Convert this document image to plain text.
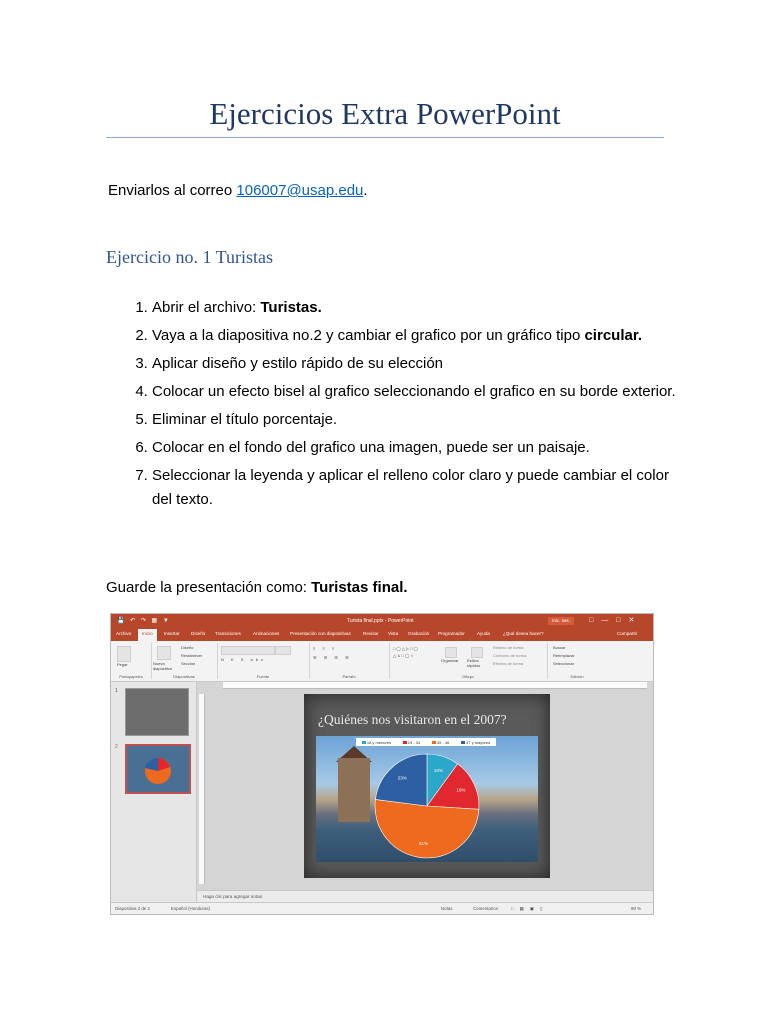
Ejercicios Extra PowerPoint
Enviarlos al correo 106007@usap.edu.
Ejercicio no. 1 Turistas
1. Abrir el archivo: Turistas.
2. Vaya a la diapositiva no.2 y cambiar el grafico por un gráfico tipo circular.
3. Aplicar diseño y estilo rápido de su elección
4. Colocar un efecto bisel al grafico seleccionando el grafico en su borde exterior.
5. Eliminar el título porcentaje.
6. Colocar en el fondo del grafico una imagen, puede ser un paisaje.
7. Seleccionar la leyenda y aplicar el relleno color claro y puede cambiar el color del texto.
Guarde la presentación como: Turistas final.
💾 ↶ ↷ ▦ ▼	Turista final.pptx - PowerPoint	Inic. ses.	□—□✕
Archivo	Inicio	Insertar Diseño Transiciones	Animaciones Presentación con diapositivas	Revisar Vista Grabación Programador	Ayuda	¿Qué desea hacer?	Compartir
Pegar
Portapapeles
Nueva diapositiva
Diseño
Restablecer
Sección
Diapositivas
N K S abc
Fuente
≡ ≡ ≡
☰ ☰ ☰ ☰
Párrafo
□◯△▷□◯
△↳□◯☆
Organizar Estilos rápidos
Relleno de forma
Contorno de forma
Efectos de forma
Dibujo
Buscar
Reemplazar
Seleccionar
Edición
1
2
¿Quiénes nos visitaron en el 2007?
18 y menores	19 - 34	35 - 46	47 y mayores
10%
16%
51%
23%
Haga clic para agregar notas
Diapositiva 2 de 2	Español (Honduras)	Notas	Comentarios	□▦▣▯	80 %
